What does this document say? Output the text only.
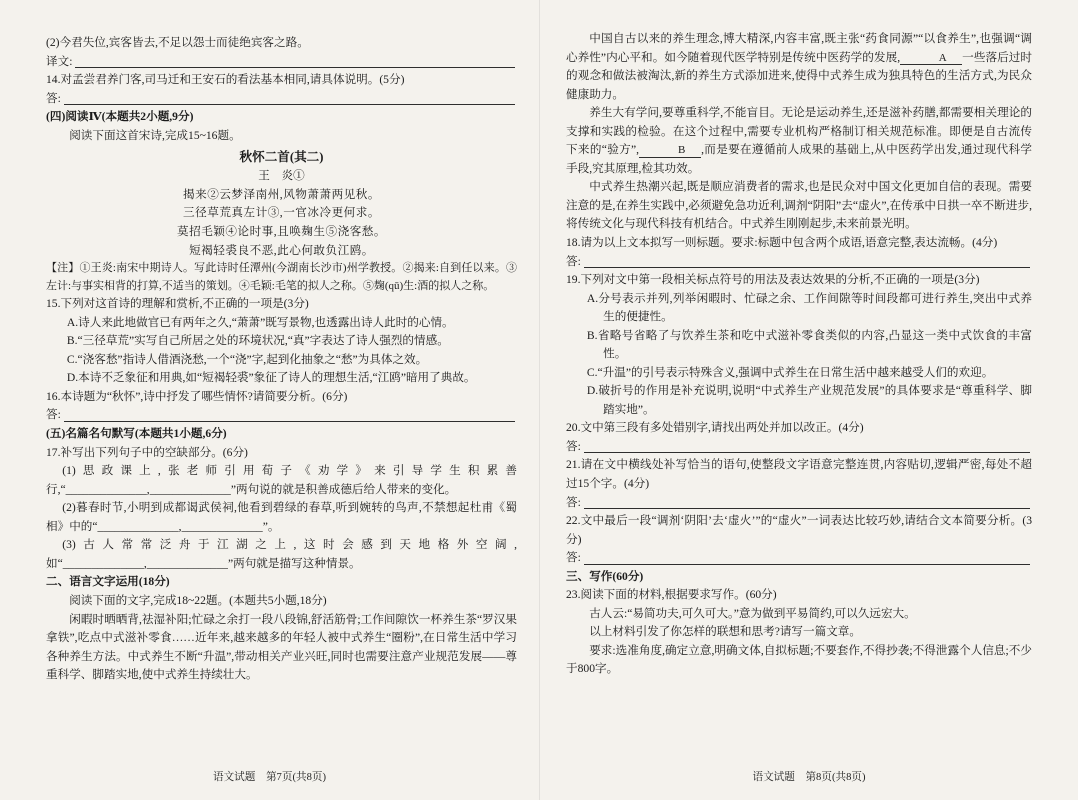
(2)今君失位,宾客皆去,不足以怨士而徒绝宾客之路。

译文:

14.对孟尝君养门客,司马迁和王安石的看法基本相同,请具体说明。(5分)

答:

(四)阅读Ⅳ(本题共2小题,9分)

阅读下面这首宋诗,完成15~16题。

秋怀二首(其二)

王　炎①

揭来②云梦泽南州,风物萧萧两见秋。

三径草荒真左计③,一官冰冷更何求。

莫招毛颖④论时事,且唤麹生⑤浇客愁。

短褐轻裘良不恶,此心何敢负江鸥。

【注】①王炎:南宋中期诗人。写此诗时任潭州(今湖南长沙市)州学教授。②揭来:自到任以来。③左计:与事实相背的打算,不适当的策划。④毛颖:毛笔的拟人之称。⑤麹(qū)生:酒的拟人之称。

15.下列对这首诗的理解和赏析,不正确的一项是(3分)

A.诗人来此地做官已有两年之久,“萧萧”既写景物,也透露出诗人此时的心情。

B.“三径草荒”实写自己所居之处的环境状况,“真”字表达了诗人强烈的情感。

C.“浇客愁”指诗人借酒浇愁,一个“浇”字,起到化抽象之“愁”为具体之效。

D.本诗不乏象征和用典,如“短褐轻裘”象征了诗人的理想生活,“江鸥”暗用了典故。

16.本诗题为“秋怀”,诗中抒发了哪些情怀?请简要分析。(6分)

答:

(五)名篇名句默写(本题共1小题,6分)

17.补写出下列句子中的空缺部分。(6分)

(1)思政课上,张老师引用荀子《劝学》来引导学生积累善行,“______________,______________”两句说的就是积善成德后给人带来的变化。

(2)暮春时节,小明到成都谒武侯祠,他看到碧绿的春草,听到婉转的鸟声,不禁想起杜甫《蜀相》中的“______________,______________”。

(3)古人常常泛舟于江湖之上,这时会感到天地格外空阔,如“______________,______________”两句就是描写这种情景。

二、语言文字运用(18分)

阅读下面的文字,完成18~22题。(本题共5小题,18分)

闲暇时晒晒背,祛湿补阳;忙碌之余打一段八段锦,舒活筋骨;工作间隙饮一杯养生茶“罗汉果拿铁”,吃点中式滋补零食……近年来,越来越多的年轻人被中式养生“圈粉”,在日常生活中学习各种养生方法。中式养生不断“升温”,带动相关产业兴旺,同时也需要注意产业规范发展——尊重科学、脚踏实地,使中式养生持续壮大。

语文试题　第7页(共8页)

中国自古以来的养生理念,博大精深,内容丰富,既主张“药食同源”“以食养生”,也强调“调心养性”内心平和。如今随着现代医学特别是传统中医药学的发展,	A 一些落后过时的观念和做法被淘汰,新的养生方式添加进来,使得中式养生成为独具特色的生活方式,为民众健康助力。

养生大有学问,要尊重科学,不能盲目。无论是运动养生,还是滋补药膳,都需要相关理论的支撑和实践的检验。在这个过程中,需要专业机构严格制订相关规范标准。即便是自古流传下来的“验方”,	B ,而是要在遵循前人成果的基础上,从中医药学出发,通过现代科学手段,究其原理,检其功效。

中式养生热潮兴起,既是顺应消费者的需求,也是民众对中国文化更加自信的表现。需要注意的是,在养生实践中,必须避免急功近利,调剂“阴阳”去“虚火”,在传承中日拱一卒不断进步,将传统文化与现代科技有机结合。中式养生刚刚起步,未来前景光明。

18.请为以上文本拟写一则标题。要求:标题中包含两个成语,语意完整,表达流畅。(4分)

答:

19.下列对文中第一段相关标点符号的用法及表达效果的分析,不正确的一项是(3分)

A.分号表示并列,列举闲暇时、忙碌之余、工作间隙等时间段都可进行养生,突出中式养生的便捷性。

B.省略号省略了与饮养生茶和吃中式滋补零食类似的内容,凸显这一类中式饮食的丰富性。

C.“升温”的引号表示特殊含义,强调中式养生在日常生活中越来越受人们的欢迎。

D.破折号的作用是补充说明,说明“中式养生产业规范发展”的具体要求是“尊重科学、脚踏实地”。

20.文中第三段有多处错别字,请找出两处并加以改正。(4分)

答:

21.请在文中横线处补写恰当的语句,使整段文字语意完整连贯,内容贴切,逻辑严密,每处不超过15个字。(4分)

答:

22.文中最后一段“调剂‘阴阳’去‘虚火’”的“虚火”一词表达比较巧妙,请结合文本简要分析。(3分)

答:

三、写作(60分)

23.阅读下面的材料,根据要求写作。(60分)

古人云:“易简功夫,可久可大。”意为做到平易简约,可以久远宏大。

以上材料引发了你怎样的联想和思考?请写一篇文章。

要求:选准角度,确定立意,明确文体,自拟标题;不要套作,不得抄袭;不得泄露个人信息;不少于800字。

语文试题　第8页(共8页)
